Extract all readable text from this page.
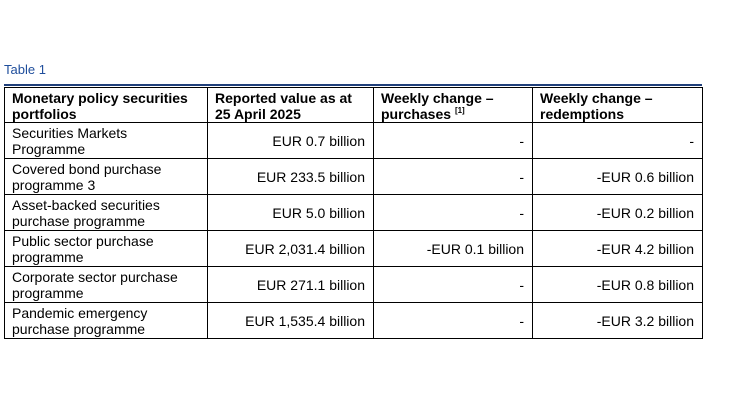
Table 1
Monetary policy securities portfolios	Reported value as at 25 April 2025	Weekly change – purchases [1]	Weekly change – redemptions
Securities Markets Programme	EUR 0.7 billion	-	-
Covered bond purchase programme 3	EUR 233.5 billion	-	-EUR 0.6 billion
Asset-backed securities purchase programme	EUR 5.0 billion	-	-EUR 0.2 billion
Public sector purchase programme	EUR 2,031.4 billion	-EUR 0.1 billion	-EUR 4.2 billion
Corporate sector purchase programme	EUR 271.1 billion	-	-EUR 0.8 billion
Pandemic emergency purchase programme	EUR 1,535.4 billion	-	-EUR 3.2 billion
